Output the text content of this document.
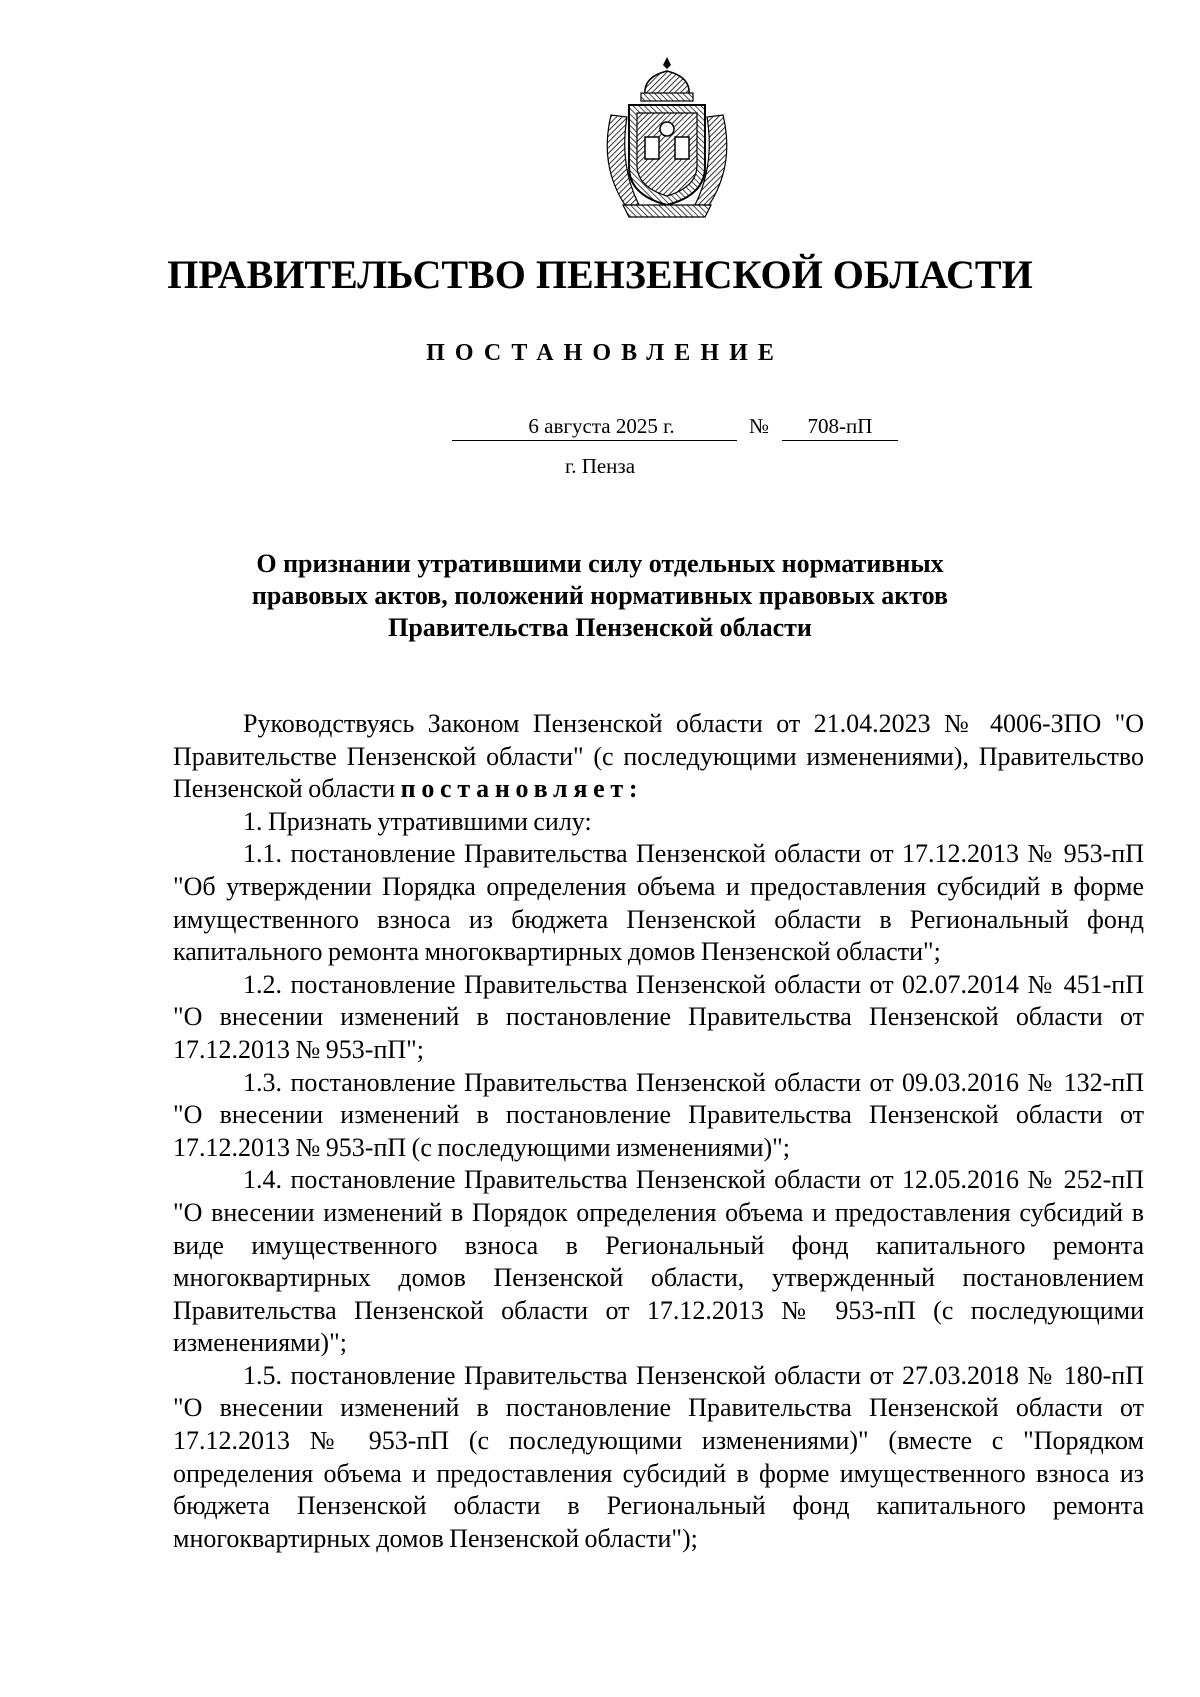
ПРАВИТЕЛЬСТВО ПЕНЗЕНСКОЙ ОБЛАСТИ
ПОСТАНОВЛЕНИЕ
6 августа 2025 г.	№	708-пП
г. Пенза
О признании утратившими силу отдельных нормативных
правовых актов, положений нормативных правовых актов
Правительства Пензенской области

Руководствуясь Законом Пензенской области от 21.04.2023 № 4006-ЗПО "О Правительстве Пензенской области" (с последующими изменениями), Правительство Пензенской области постановляет:

1. Признать утратившими силу:

1.1. постановление Правительства Пензенской области от 17.12.2013 № 953-пП "Об утверждении Порядка определения объема и предоставления субсидий в форме имущественного взноса из бюджета Пензенской области в Региональный фонд капитального ремонта многоквартирных домов Пензенской области";

1.2. постановление Правительства Пензенской области от 02.07.2014 № 451-пП "О внесении изменений в постановление Правительства Пензенской области от 17.12.2013 № 953-пП";

1.3. постановление Правительства Пензенской области от 09.03.2016 № 132-пП "О внесении изменений в постановление Правительства Пензенской области от 17.12.2013 № 953-пП (с последующими изменениями)";

1.4. постановление Правительства Пензенской области от 12.05.2016 № 252-пП "О внесении изменений в Порядок определения объема и предоставления субсидий в виде имущественного взноса в Региональный фонд капитального ремонта многоквартирных домов Пензенской области, утвержденный постановлением Правительства Пензенской области от 17.12.2013 № 953-пП (с последующими изменениями)";

1.5. постановление Правительства Пензенской области от 27.03.2018 № 180-пП "О внесении изменений в постановление Правительства Пензенской области от 17.12.2013 № 953-пП (с последующими изменениями)" (вместе с "Порядком определения объема и предоставления субсидий в форме имущественного взноса из бюджета Пензенской области в Региональный фонд капитального ремонта многоквартирных домов Пензенской области");
